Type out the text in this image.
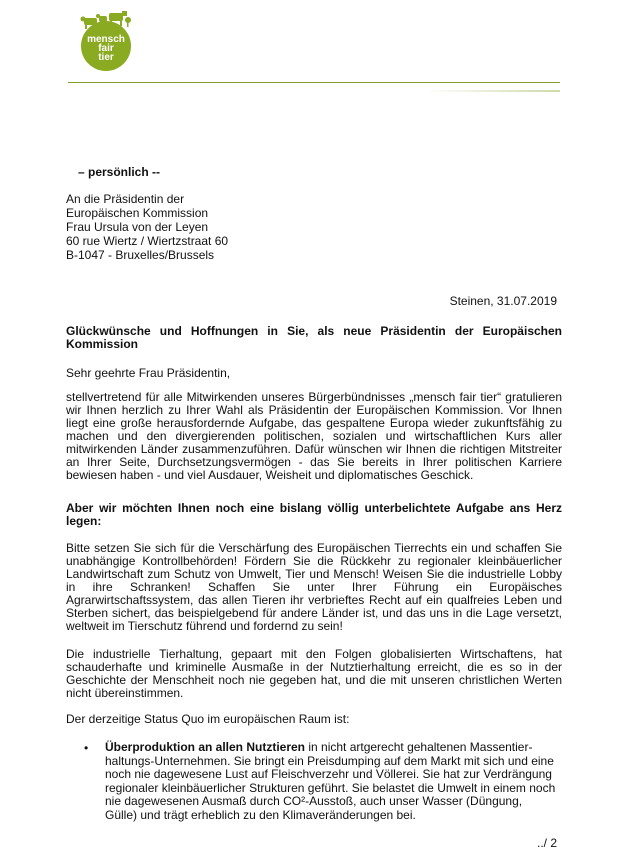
mensch
fair
tier
– persönlich --
An die Präsidentin der
Europäischen Kommission
Frau Ursula von der Leyen
60 rue Wiertz / Wiertzstraat 60
B-1047 - Bruxelles/Brussels
Steinen, 31.07.2019
Glückwünsche und Hoffnungen in Sie, als neue Präsidentin der Europäischen Kommission
Sehr geehrte Frau Präsidentin,
stellvertretend für alle Mitwirkenden unseres Bürgerbündnisses „mensch fair tier“ gratulieren
wir Ihnen herzlich zu Ihrer Wahl als Präsidentin der Europäischen Kommission. Vor Ihnen
liegt eine große herausfordernde Aufgabe, das gespaltene Europa wieder zukunftsfähig zu
machen und den divergierenden politischen, sozialen und wirtschaftlichen Kurs aller
mitwirkenden Länder zusammenzuführen. Dafür wünschen wir Ihnen die richtigen Mitstreiter
an Ihrer Seite, Durchsetzungsvermögen - das Sie bereits in Ihrer politischen Karriere
bewiesen haben - und viel Ausdauer, Weisheit und diplomatisches Geschick.
Aber wir möchten Ihnen noch eine bislang völlig unterbelichtete Aufgabe ans Herz
legen:
Bitte setzen Sie sich für die Verschärfung des Europäischen Tierrechts ein und schaffen Sie
unabhängige Kontrollbehörden! Fördern Sie die Rückkehr zu regionaler kleinbäuerlicher
Landwirtschaft zum Schutz von Umwelt, Tier und Mensch! Weisen Sie die industrielle Lobby
in ihre Schranken! Schaffen Sie unter Ihrer Führung ein Europäisches
Agrarwirtschaftssystem, das allen Tieren ihr verbrieftes Recht auf ein qualfreies Leben und
Sterben sichert, das beispielgebend für andere Länder ist, und das uns in die Lage versetzt,
weltweit im Tierschutz führend und fordernd zu sein!
Die industrielle Tierhaltung, gepaart mit den Folgen globalisierten Wirtschaftens, hat
schauderhafte und kriminelle Ausmaße in der Nutztierhaltung erreicht, die es so in der
Geschichte der Menschheit noch nie gegeben hat, und die mit unseren christlichen Werten
nicht übereinstimmen.
Der derzeitige Status Quo im europäischen Raum ist:
• Überproduktion an allen Nutztieren in nicht artgerecht gehaltenen Massentier-
haltungs-Unternehmen. Sie bringt ein Preisdumping auf dem Markt mit sich und eine
noch nie dagewesene Lust auf Fleischverzehr und Völlerei. Sie hat zur Verdrängung
regionaler kleinbäuerlicher Strukturen geführt. Sie belastet die Umwelt in einem noch
nie dagewesenen Ausmaß durch CO²-Ausstoß, auch unser Wasser (Düngung,
Gülle) und trägt erheblich zu den Klimaveränderungen bei.
../ 2
